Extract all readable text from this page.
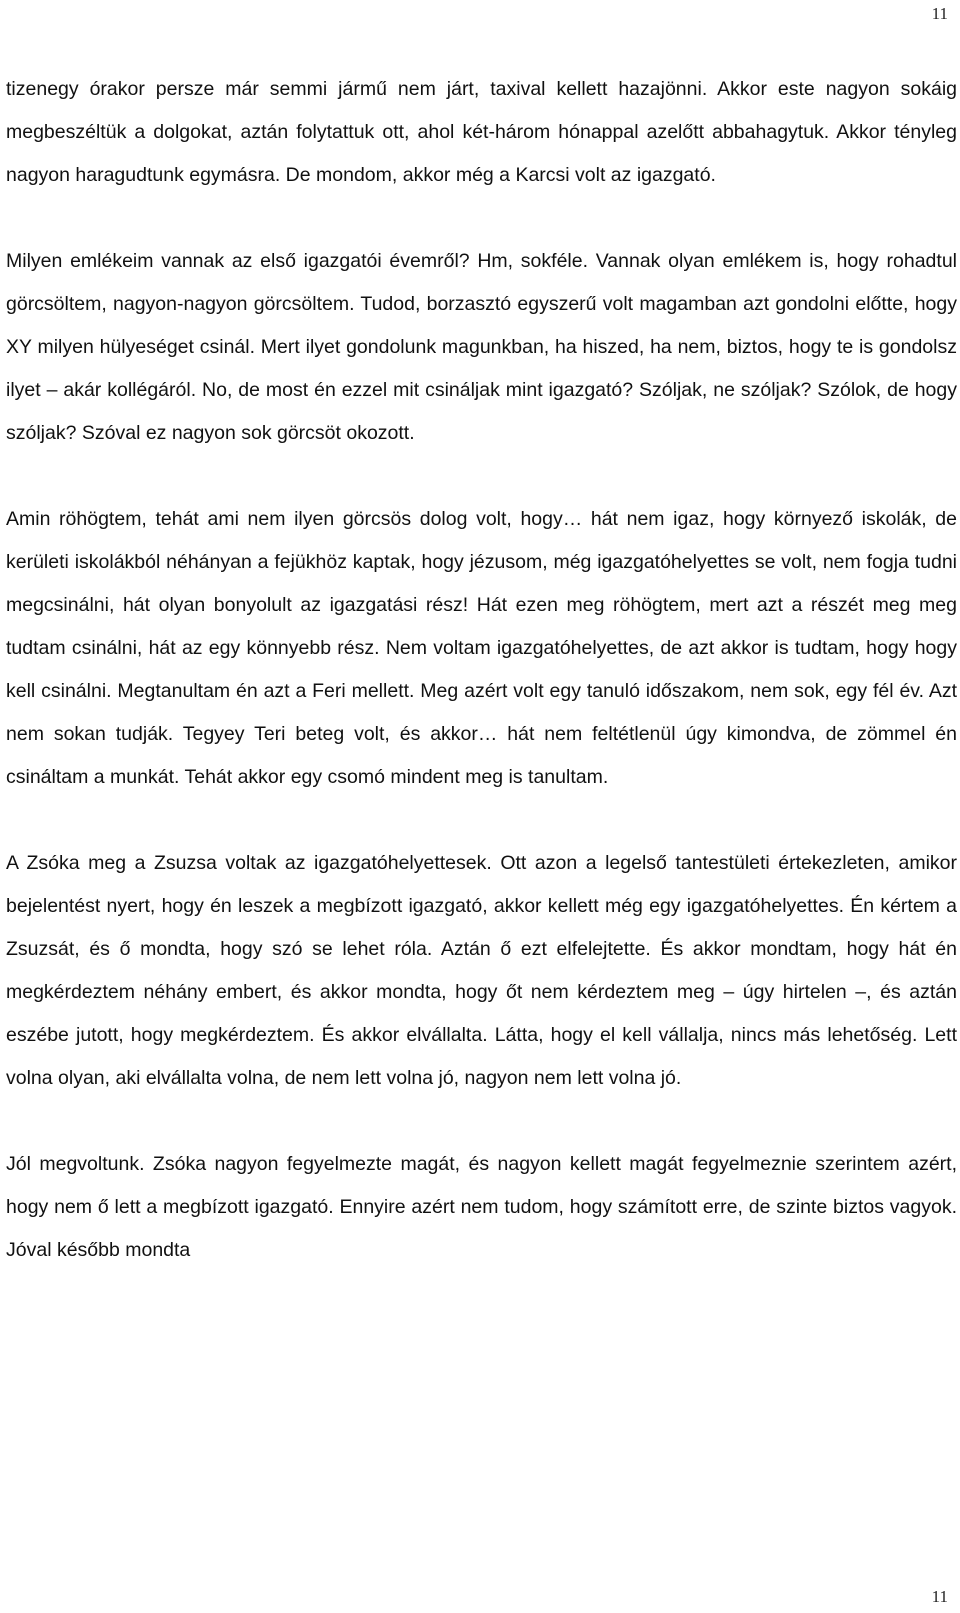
11

tizenegy órakor persze már semmi jármű nem járt, taxival kellett hazajönni. Akkor este nagyon sokáig megbeszéltük a dolgokat, aztán folytattuk ott, ahol két-három hónappal azelőtt abbahagytuk. Akkor tényleg nagyon haragudtunk egymásra. De mondom, akkor még a Karcsi volt az igazgató.

Milyen emlékeim vannak az első igazgatói évemről? Hm, sokféle. Vannak olyan emlékem is, hogy rohadtul görcsöltem, nagyon-nagyon görcsöltem. Tudod, borzasztó egyszerű volt magamban azt gondolni előtte, hogy XY milyen hülyeséget csinál. Mert ilyet gondolunk magunkban, ha hiszed, ha nem, biztos, hogy te is gondolsz ilyet – akár kollégáról. No, de most én ezzel mit csináljak mint igazgató? Szóljak, ne szóljak? Szólok, de hogy szóljak? Szóval ez nagyon sok görcsöt okozott.

Amin röhögtem, tehát ami nem ilyen görcsös dolog volt, hogy… hát nem igaz, hogy környező iskolák, de kerületi iskolákból néhányan a fejükhöz kaptak, hogy jézusom, még igazgatóhelyettes se volt, nem fogja tudni megcsinálni, hát olyan bonyolult az igazgatási rész! Hát ezen meg röhögtem, mert azt a részét meg meg tudtam csinálni, hát az egy könnyebb rész. Nem voltam igazgatóhelyettes, de azt akkor is tudtam, hogy hogy kell csinálni. Megtanultam én azt a Feri mellett. Meg azért volt egy tanuló időszakom, nem sok, egy fél év. Azt nem sokan tudják. Tegyey Teri beteg volt, és akkor… hát nem feltétlenül úgy kimondva, de zömmel én csináltam a munkát. Tehát akkor egy csomó mindent meg is tanultam.

A Zsóka meg a Zsuzsa voltak az igazgatóhelyettesek. Ott azon a legelső tantestületi értekezleten, amikor bejelentést nyert, hogy én leszek a megbízott igazgató, akkor kellett még egy igazgatóhelyettes. Én kértem a Zsuzsát, és ő mondta, hogy szó se lehet róla. Aztán ő ezt elfelejtette. És akkor mondtam, hogy hát én megkérdeztem néhány embert, és akkor mondta, hogy őt nem kérdeztem meg – úgy hirtelen –, és aztán eszébe jutott, hogy megkérdeztem. És akkor elvállalta. Látta, hogy el kell vállalja, nincs más lehetőség. Lett volna olyan, aki elvállalta volna, de nem lett volna jó, nagyon nem lett volna jó.

Jól megvoltunk. Zsóka nagyon fegyelmezte magát, és nagyon kellett magát fegyelmeznie szerintem azért, hogy nem ő lett a megbízott igazgató. Ennyire azért nem tudom, hogy számított erre, de szinte biztos vagyok. Jóval később mondta

11
